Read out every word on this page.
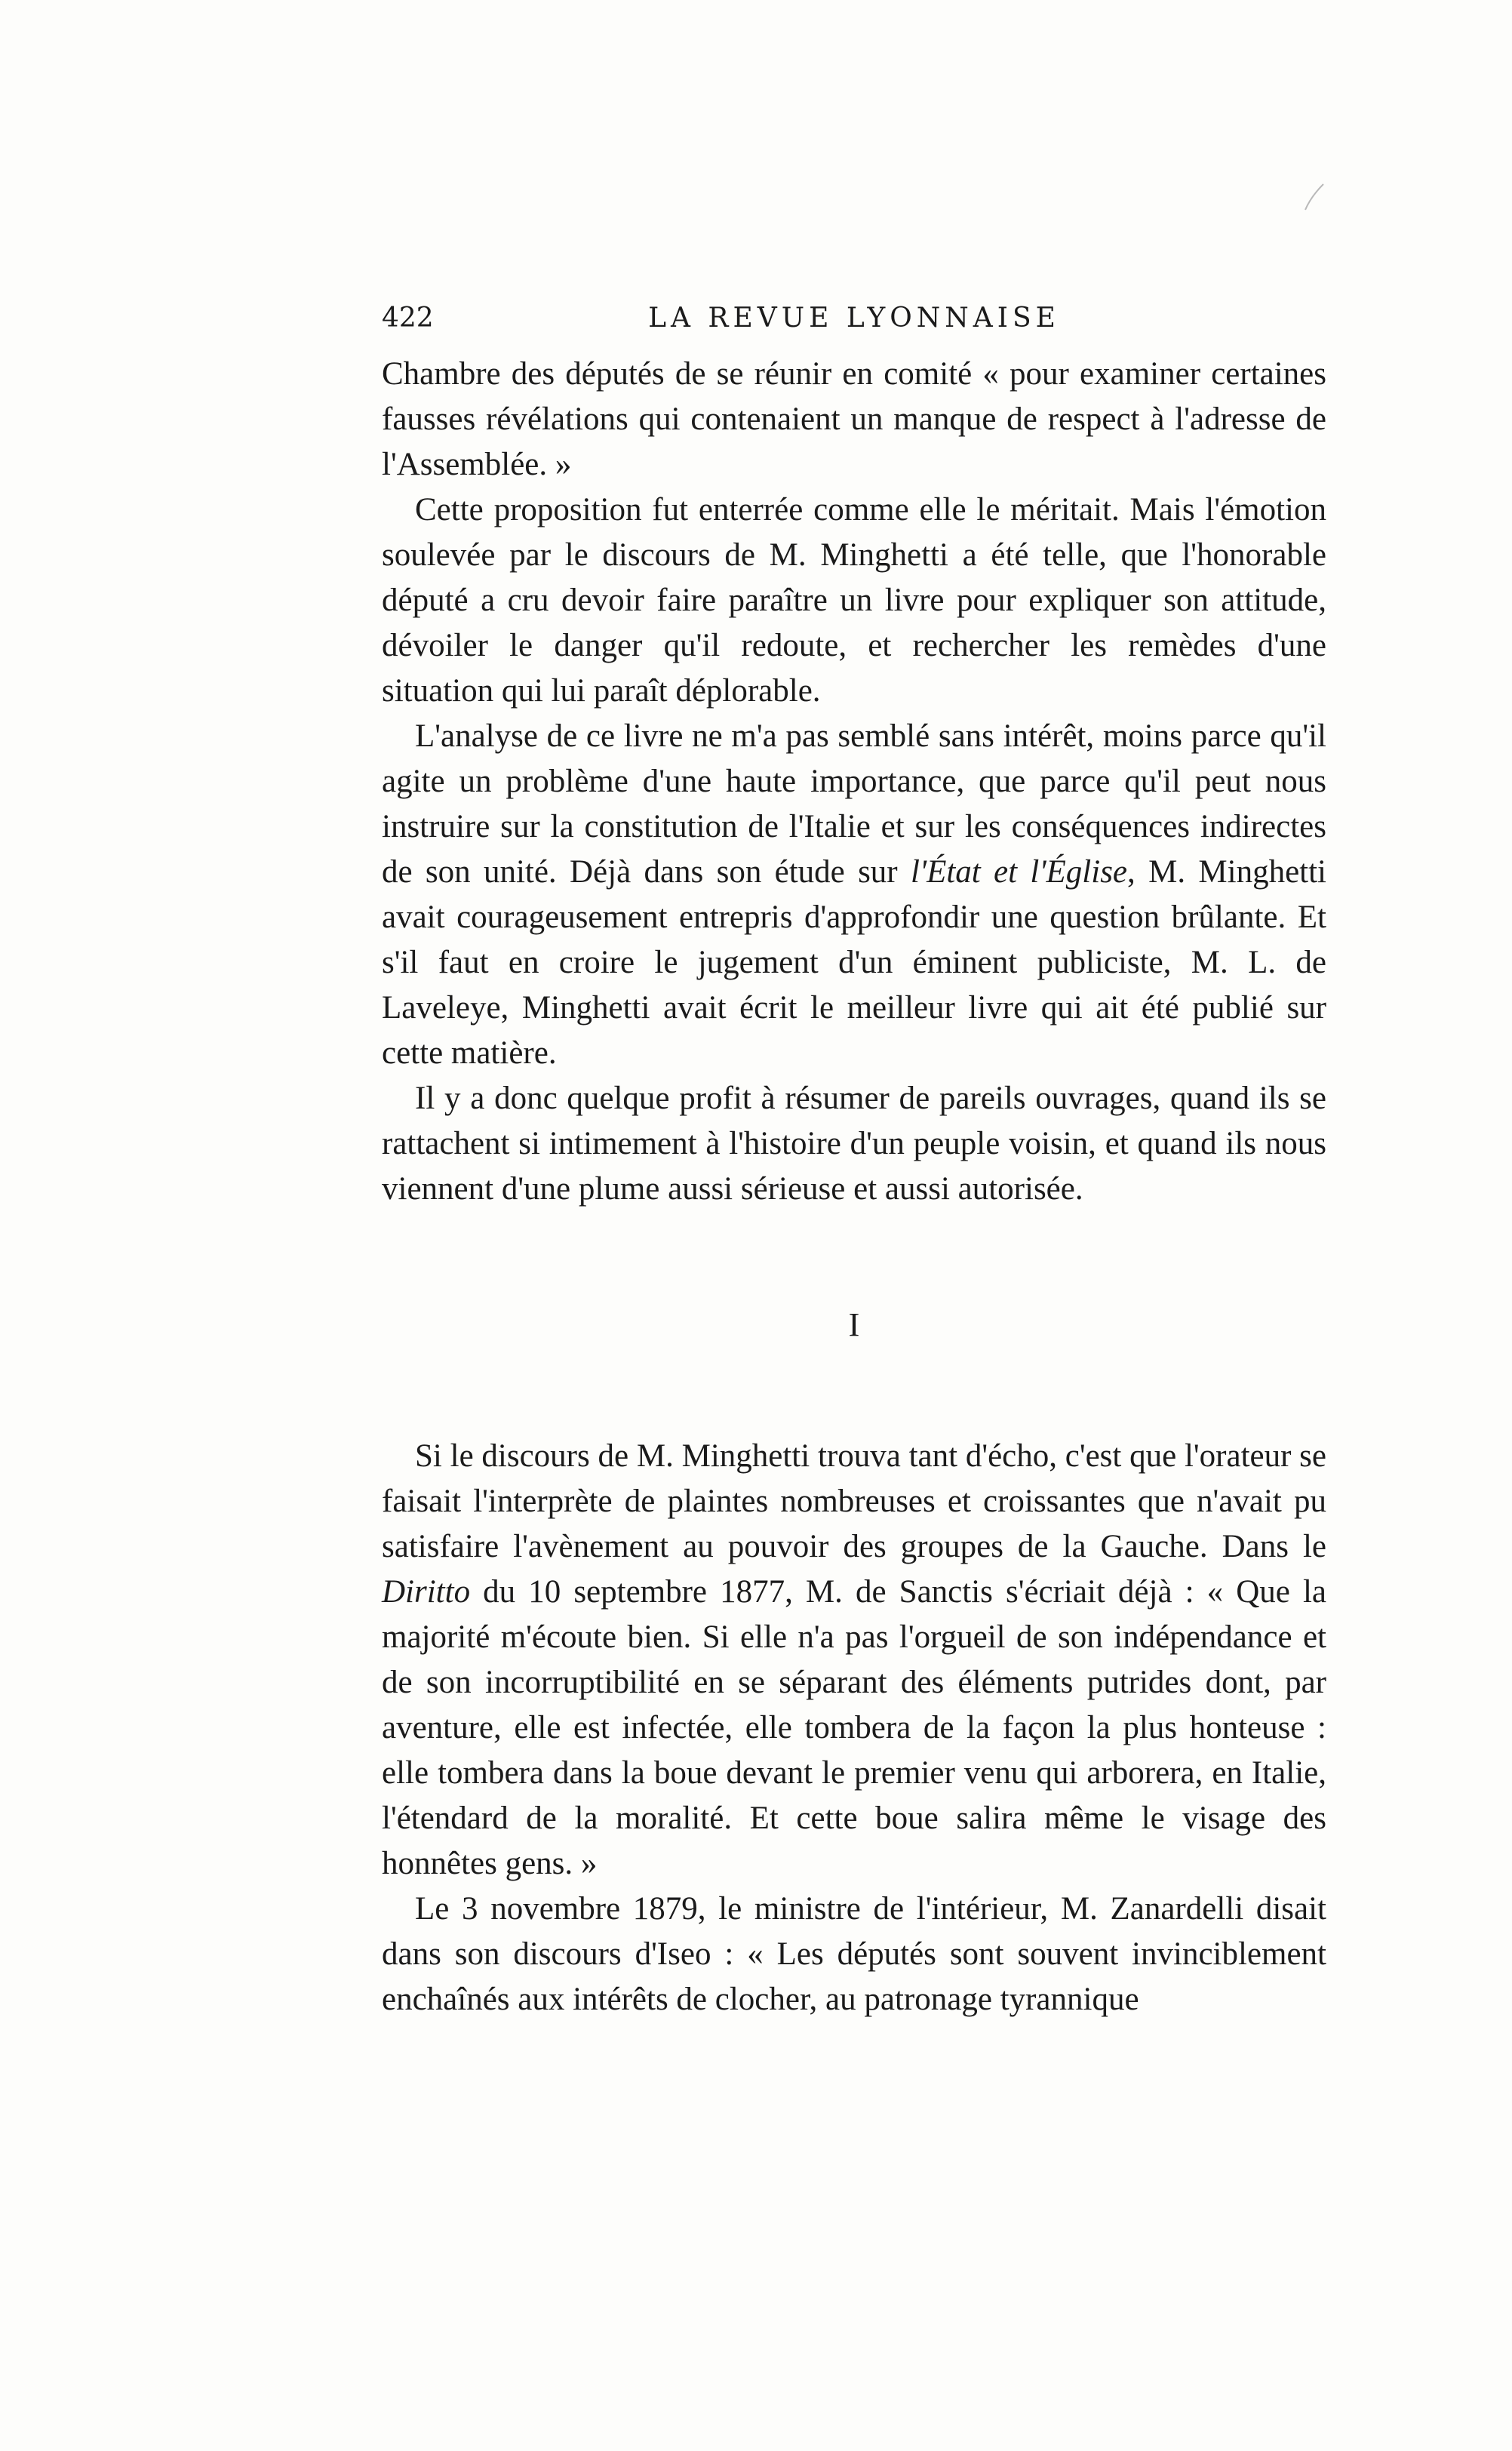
422	LA REVUE LYONNAISE

Chambre des députés de se réunir en comité « pour examiner certaines fausses révélations qui contenaient un manque de respect à l'adresse de l'Assemblée. »

Cette proposition fut enterrée comme elle le méritait. Mais l'émotion soulevée par le discours de M. Minghetti a été telle, que l'honorable député a cru devoir faire paraître un livre pour expliquer son attitude, dévoiler le danger qu'il redoute, et rechercher les remèdes d'une situation qui lui paraît déplorable.

L'analyse de ce livre ne m'a pas semblé sans intérêt, moins parce qu'il agite un problème d'une haute importance, que parce qu'il peut nous instruire sur la constitution de l'Italie et sur les conséquences indirectes de son unité. Déjà dans son étude sur l'État et l'Église, M. Minghetti avait courageusement entrepris d'approfondir une question brûlante. Et s'il faut en croire le jugement d'un éminent publiciste, M. L. de Laveleye, Minghetti avait écrit le meilleur livre qui ait été publié sur cette matière.

Il y a donc quelque profit à résumer de pareils ouvrages, quand ils se rattachent si intimement à l'histoire d'un peuple voisin, et quand ils nous viennent d'une plume aussi sérieuse et aussi autorisée.

I

Si le discours de M. Minghetti trouva tant d'écho, c'est que l'orateur se faisait l'interprète de plaintes nombreuses et croissantes que n'avait pu satisfaire l'avènement au pouvoir des groupes de la Gauche. Dans le Diritto du 10 septembre 1877, M. de Sanctis s'écriait déjà : « Que la majorité m'écoute bien. Si elle n'a pas l'orgueil de son indépendance et de son incorruptibilité en se séparant des éléments putrides dont, par aventure, elle est infectée, elle tombera de la façon la plus honteuse : elle tombera dans la boue devant le premier venu qui arborera, en Italie, l'étendard de la moralité. Et cette boue salira même le visage des honnêtes gens. »

Le 3 novembre 1879, le ministre de l'intérieur, M. Zanardelli disait dans son discours d'Iseo : « Les députés sont souvent invinciblement enchaînés aux intérêts de clocher, au patronage tyrannique
